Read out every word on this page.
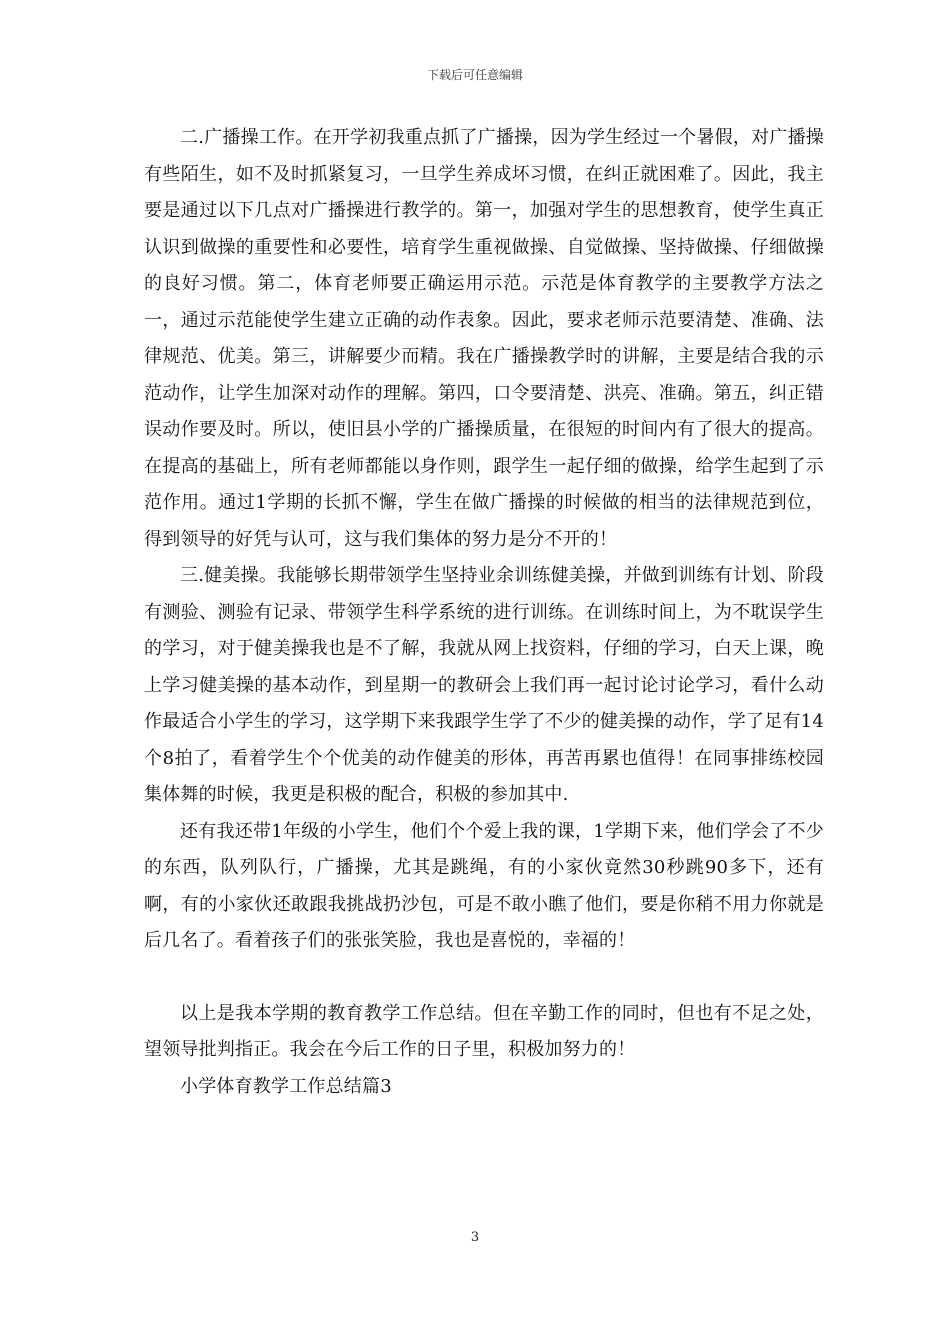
下载后可任意编辑

二.广播操工作。在开学初我重点抓了广播操，因为学生经过一个暑假，对广播操有些陌生，如不及时抓紧复习，一旦学生养成坏习惯，在纠正就困难了。因此，我主要是通过以下几点对广播操进行教学的。第一，加强对学生的思想教育，使学生真正认识到做操的重要性和必要性，培育学生重视做操、自觉做操、坚持做操、仔细做操的良好习惯。第二，体育老师要正确运用示范。示范是体育教学的主要教学方法之一，通过示范能使学生建立正确的动作表象。因此，要求老师示范要清楚、准确、法律规范、优美。第三，讲解要少而精。我在广播操教学时的讲解，主要是结合我的示范动作，让学生加深对动作的理解。第四，口令要清楚、洪亮、准确。第五，纠正错误动作要及时。所以，使旧县小学的广播操质量，在很短的时间内有了很大的提高。在提高的基础上，所有老师都能以身作则，跟学生一起仔细的做操，给学生起到了示范作用。通过1学期的长抓不懈，学生在做广播操的时候做的相当的法律规范到位，得到领导的好凭与认可，这与我们集体的努力是分不开的！

三.健美操。我能够长期带领学生坚持业余训练健美操，并做到训练有计划、阶段有测验、测验有记录、带领学生科学系统的进行训练。在训练时间上，为不耽误学生的学习，对于健美操我也是不了解，我就从网上找资料，仔细的学习，白天上课，晚上学习健美操的基本动作，到星期一的教研会上我们再一起讨论讨论学习，看什么动作最适合小学生的学习，这学期下来我跟学生学了不少的健美操的动作，学了足有14个8拍了，看着学生个个优美的动作健美的形体，再苦再累也值得！在同事排练校园集体舞的时候，我更是积极的配合，积极的参加其中.

还有我还带1年级的小学生，他们个个爱上我的课，1学期下来，他们学会了不少的东西，队列队行，广播操，尤其是跳绳，有的小家伙竟然30秒跳90多下，还有啊，有的小家伙还敢跟我挑战扔沙包，可是不敢小瞧了他们，要是你稍不用力你就是后几名了。看着孩子们的张张笑脸，我也是喜悦的，幸福的！

以上是我本学期的教育教学工作总结。但在辛勤工作的同时，但也有不足之处，望领导批判指正。我会在今后工作的日子里，积极加努力的！

小学体育教学工作总结篇3

3
